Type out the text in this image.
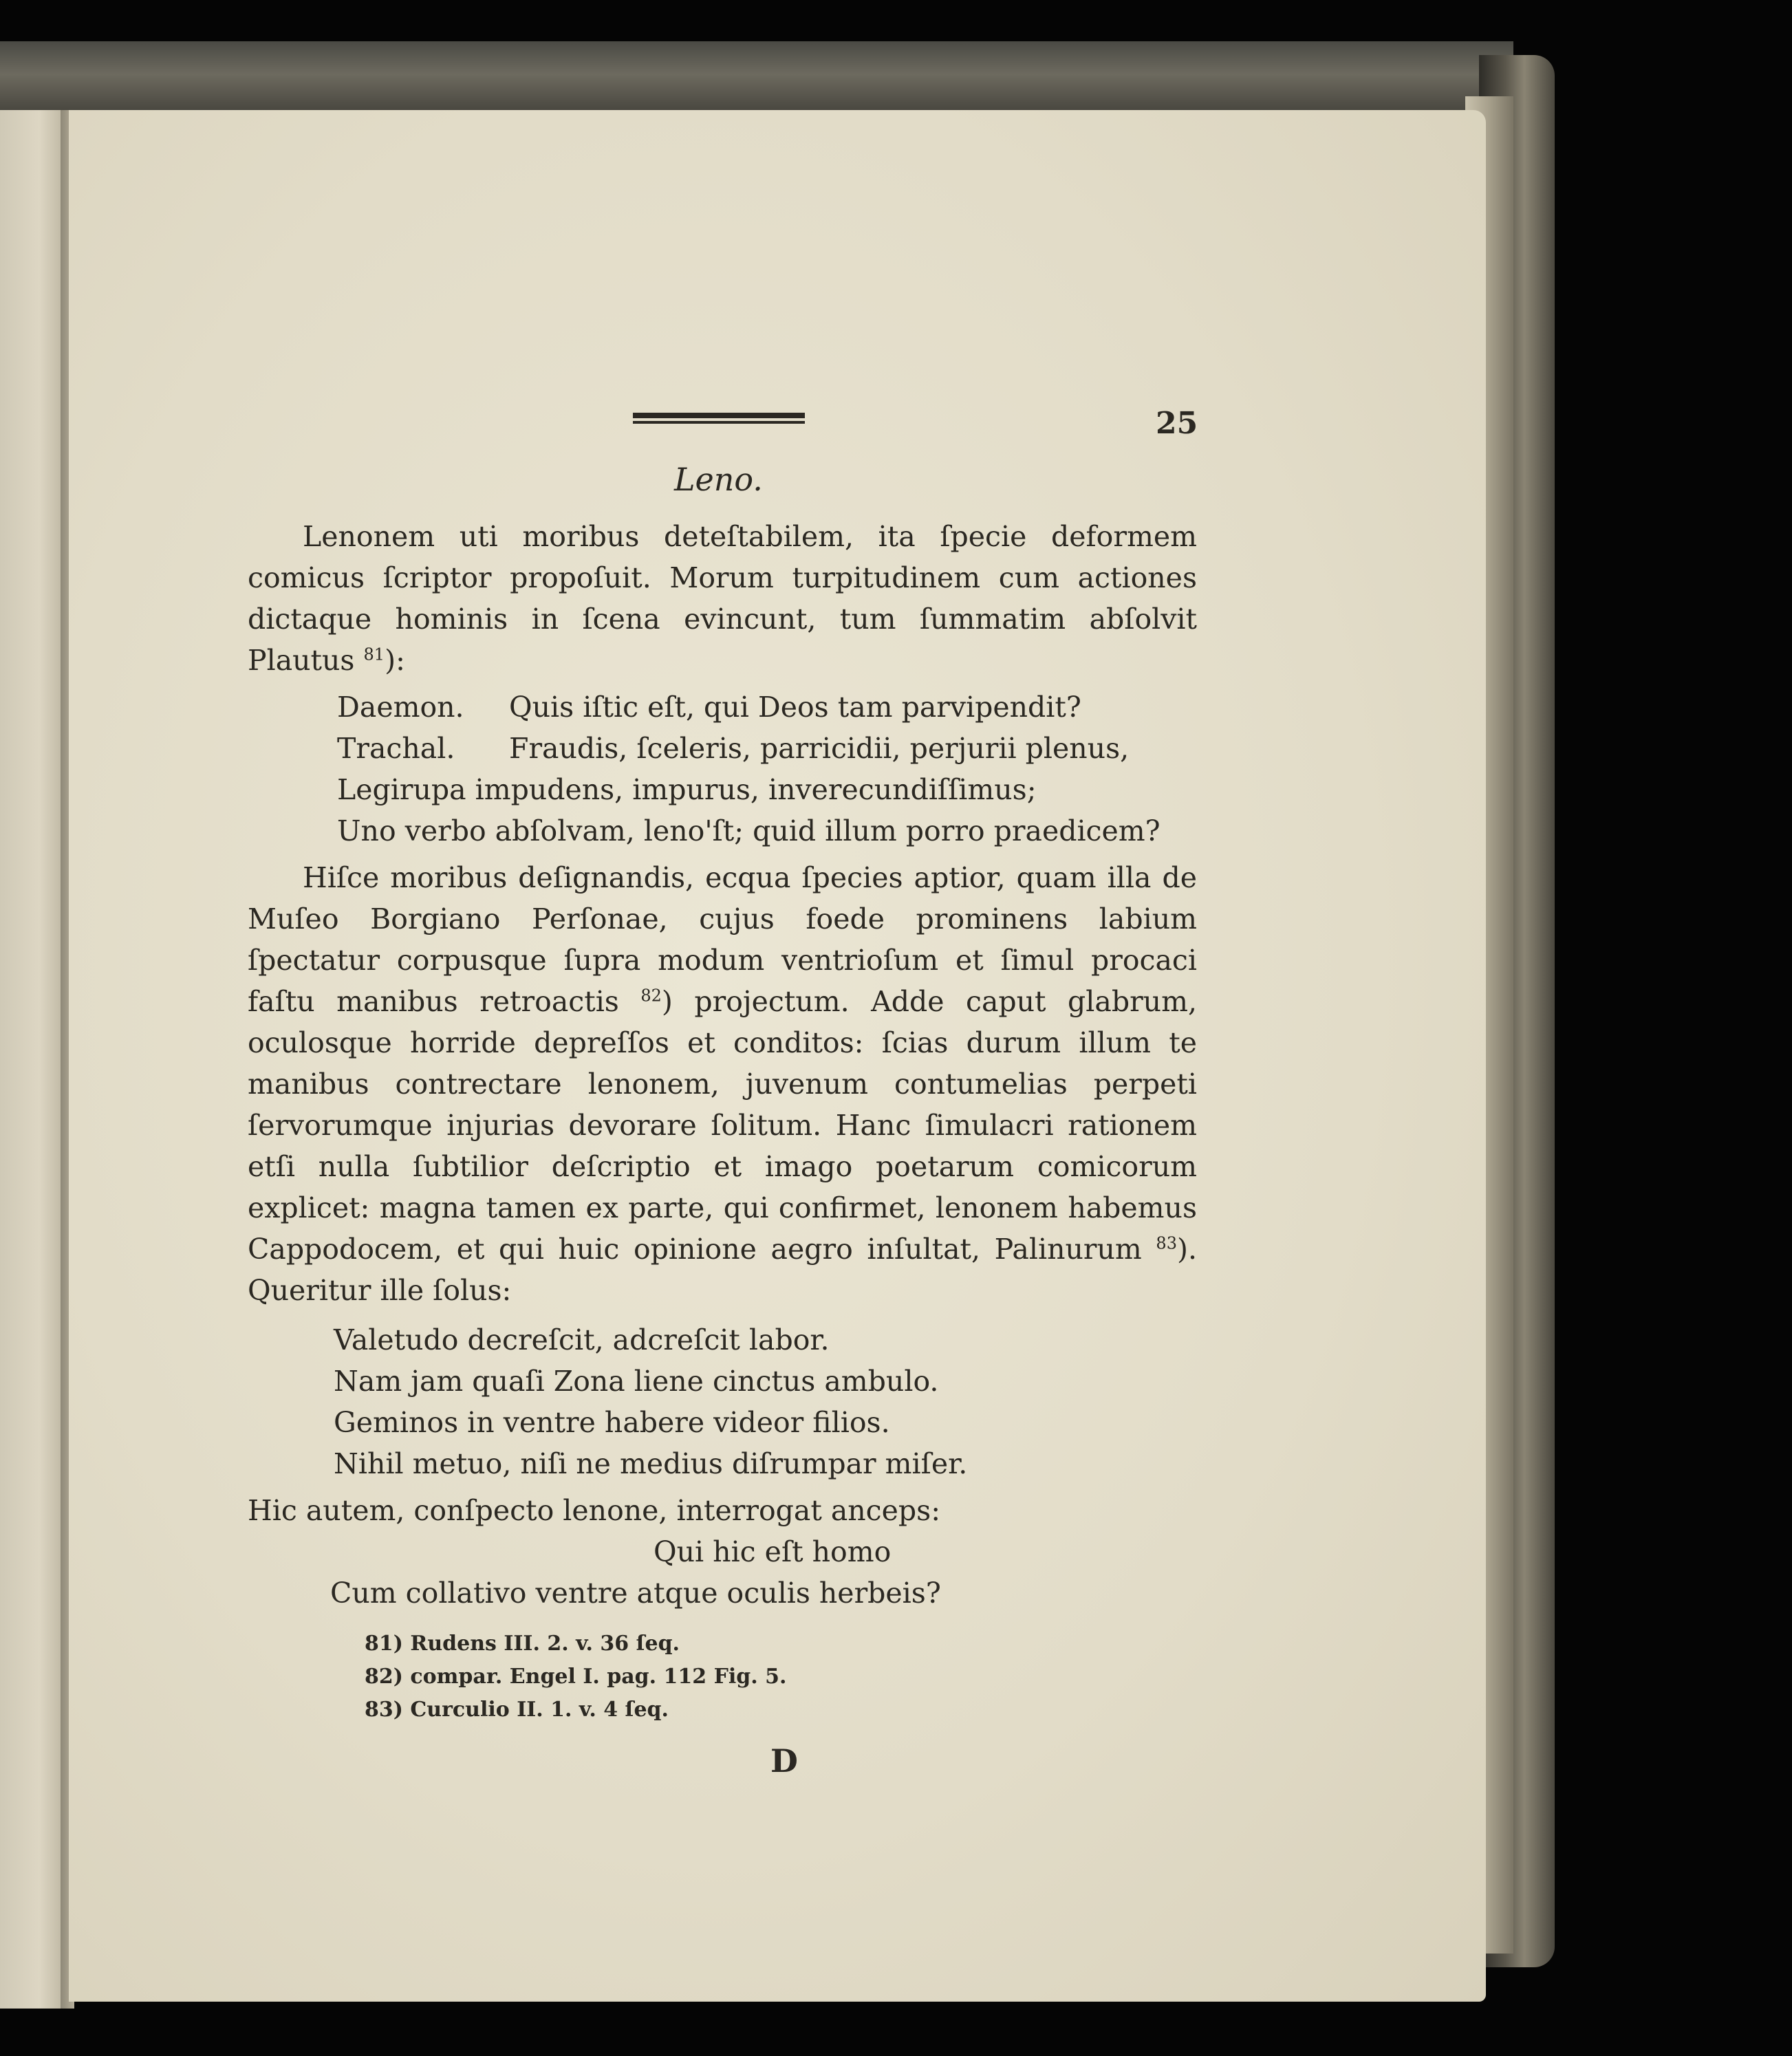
25
Leno.

Lenonem uti moribus deteſtabilem, ita ſpecie deformem comicus ſcriptor propoſuit. Morum turpitudinem cum actiones dictaque hominis in ſcena evincunt, tum ſummatim abſolvit Plautus $^{81}$):

Daemon. Quis iſtic eſt, qui Deos tam parvipendit?
Trachal. Fraudis, ſceleris, parricidii, perjurii plenus,
Legirupa impudens, impurus, inverecundiſſimus;
Uno verbo abſolvam, leno'ſt; quid illum porro praedicem?

Hiſce moribus deſignandis, ecqua ſpecies aptior, quam illa de Muſeo Borgiano Perſonae, cujus foede prominens labium ſpectatur corpusque ſupra modum ventrioſum et ſimul procaci faſtu manibus retroactis $^{82}$) projectum. Adde caput glabrum, oculosque horride depreſſos et conditos: ſcias durum illum te manibus contrectare lenonem, juvenum contumelias perpeti ſervorumque injurias devorare ſolitum. Hanc ſimulacri rationem etſi nulla ſubtilior deſcriptio et imago poetarum comicorum explicet: magna tamen ex parte, qui confirmet, lenonem habemus Cappodocem, et qui huic opinione aegro inſultat, Palinurum $^{83}$). Queritur ille ſolus:

Valetudo decreſcit, adcreſcit labor.
Nam jam quaſi Zona liene cinctus ambulo.
Geminos in ventre habere videor filios.
Nihil metuo, niſi ne medius diſrumpar miſer.

Hic autem, conſpecto lenone, interrogat anceps:

Qui hic eſt homo
Cum collativo ventre atque oculis herbeis?
81) Rudens III. 2. v. 36 ſeq.
82) compar. Engel I. pag. 112 Fig. 5.
83) Curculio II. 1. v. 4 ſeq.
D
